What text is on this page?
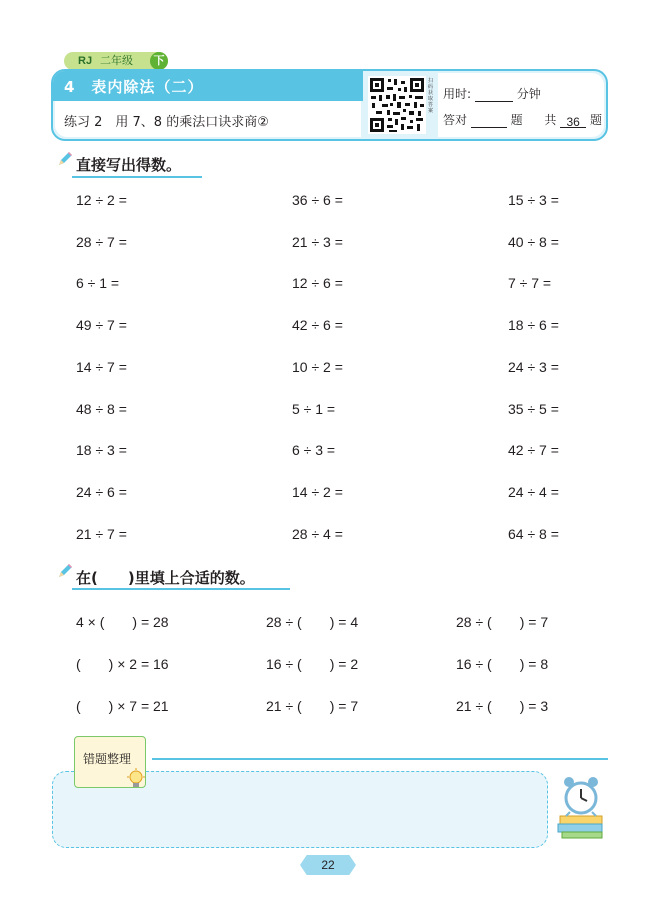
RJ 二年级	下
4　表内除法（二）
练习 2　用 7、8 的乘法口诀求商②
扫码获取答案
用时:	分钟
答对	题 共 36 题
直接写出得数。
12 ÷ 2 =	36 ÷ 6 =	15 ÷ 3 =
28 ÷ 7 =	21 ÷ 3 =	40 ÷ 8 =
6 ÷ 1 =	12 ÷ 6 =	7 ÷ 7 =
49 ÷ 7 =	42 ÷ 6 =	18 ÷ 6 =
14 ÷ 7 =	10 ÷ 2 =	24 ÷ 3 =
48 ÷ 8 =	5 ÷ 1 =	35 ÷ 5 =
18 ÷ 3 =	6 ÷ 3 =	42 ÷ 7 =
24 ÷ 6 =	14 ÷ 2 =	24 ÷ 4 =
21 ÷ 7 =	28 ÷ 4 =	64 ÷ 8 =
在(　　)里填上合适的数。
4 × (　　) = 28	28 ÷ (　　) = 4	28 ÷ (　　) = 7
(　　) × 2 = 16	16 ÷ (　　) = 2	16 ÷ (　　) = 8
(　　) × 7 = 21	21 ÷ (　　) = 7	21 ÷ (　　) = 3
错题整理
22
